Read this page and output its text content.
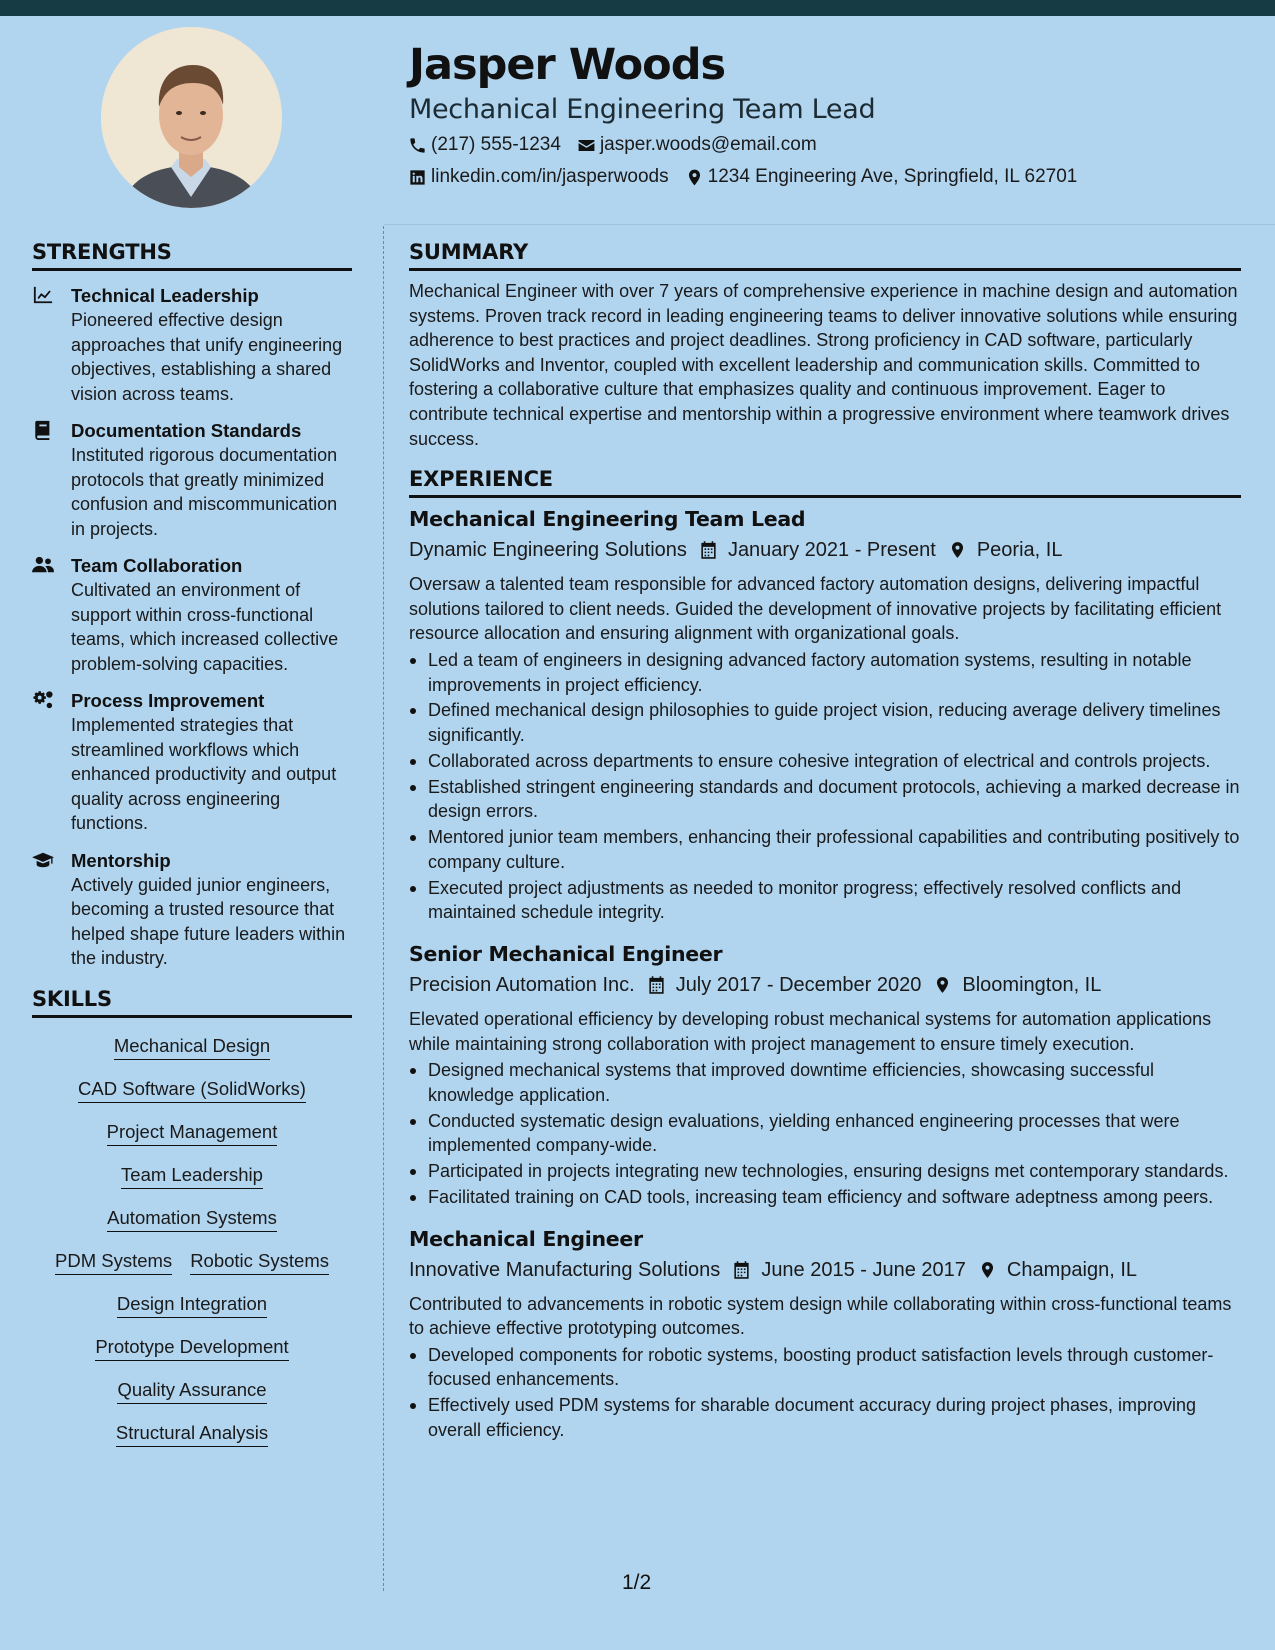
Jasper Woods
Mechanical Engineering Team Lead
(217) 555-1234 jasper.woods@email.com
linkedin.com/in/jasperwoods 1234 Engineering Ave, Springfield, IL 62701
STRENGTHS
Technical Leadership
Pioneered effective design approaches that unify engineering objectives, establishing a shared vision across teams.
Documentation Standards
Instituted rigorous documentation protocols that greatly minimized confusion and miscommunication in projects.
Team Collaboration
Cultivated an environment of support within cross-functional teams, which increased collective problem-solving capacities.
Process Improvement
Implemented strategies that streamlined workflows which enhanced productivity and output quality across engineering functions.
Mentorship
Actively guided junior engineers, becoming a trusted resource that helped shape future leaders within the industry.
SKILLS
Mechanical Design
CAD Software (SolidWorks)
Project Management
Team Leadership
Automation Systems
PDM Systems Robotic Systems
Design Integration
Prototype Development
Quality Assurance
Structural Analysis
SUMMARY

Mechanical Engineer with over 7 years of comprehensive experience in machine design and automation systems. Proven track record in leading engineering teams to deliver innovative solutions while ensuring adherence to best practices and project deadlines. Strong proficiency in CAD software, particularly SolidWorks and Inventor, coupled with excellent leadership and communication skills. Committed to fostering a collaborative culture that emphasizes quality and continuous improvement. Eager to contribute technical expertise and mentorship within a progressive environment where teamwork drives success.

EXPERIENCE
Mechanical Engineering Team Lead
Dynamic Engineering Solutions January 2021 - Present Peoria, IL

Oversaw a talented team responsible for advanced factory automation designs, delivering impactful solutions tailored to client needs. Guided the development of innovative projects by facilitating efficient resource allocation and ensuring alignment with organizational goals.

Led a team of engineers in designing advanced factory automation systems, resulting in notable improvements in project efficiency.
Defined mechanical design philosophies to guide project vision, reducing average delivery timelines significantly.
Collaborated across departments to ensure cohesive integration of electrical and controls projects.
Established stringent engineering standards and document protocols, achieving a marked decrease in design errors.
Mentored junior team members, enhancing their professional capabilities and contributing positively to company culture.
Executed project adjustments as needed to monitor progress; effectively resolved conflicts and maintained schedule integrity.
Senior Mechanical Engineer
Precision Automation Inc. July 2017 - December 2020 Bloomington, IL

Elevated operational efficiency by developing robust mechanical systems for automation applications while maintaining strong collaboration with project management to ensure timely execution.

Designed mechanical systems that improved downtime efficiencies, showcasing successful knowledge application.
Conducted systematic design evaluations, yielding enhanced engineering processes that were implemented company-wide.
Participated in projects integrating new technologies, ensuring designs met contemporary standards.
Facilitated training on CAD tools, increasing team efficiency and software adeptness among peers.
Mechanical Engineer
Innovative Manufacturing Solutions June 2015 - June 2017 Champaign, IL

Contributed to advancements in robotic system design while collaborating within cross-functional teams to achieve effective prototyping outcomes.

Developed components for robotic systems, boosting product satisfaction levels through customer-focused enhancements.
Effectively used PDM systems for sharable document accuracy during project phases, improving overall efficiency.
1/2
